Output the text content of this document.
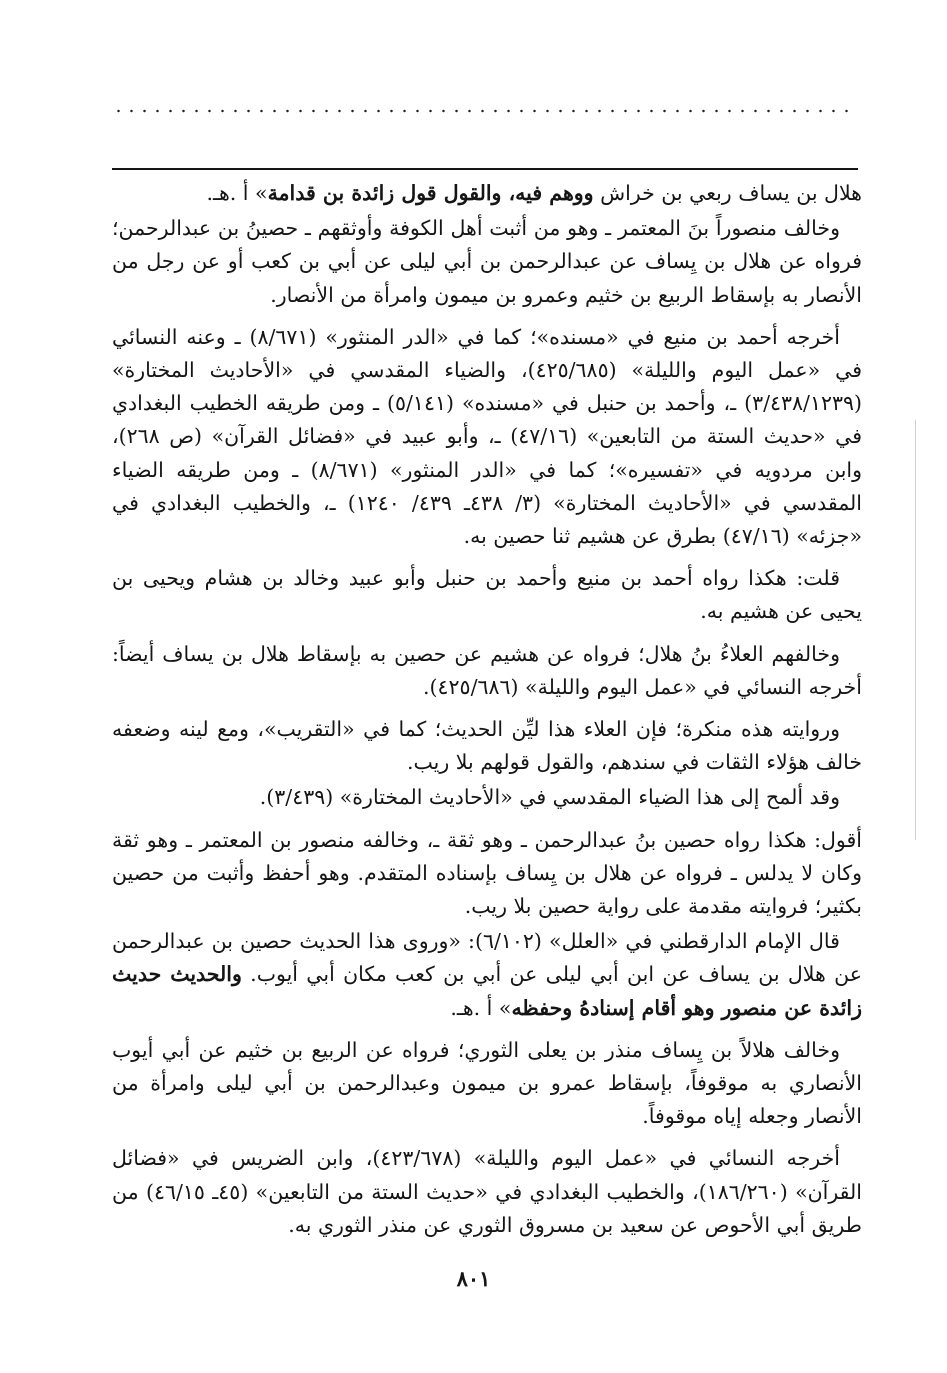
هلال بن يساف ربعي بن خراش ووهم فيه، والقول قول زائدة بن قدامة» أ .هـ.

وخالف منصوراً بنَ المعتمر ـ وهو من أثبت أهل الكوفة وأوثقهم ـ حصينُ بن عبدالرحمن؛ فرواه عن هلال بن يِساف عن عبدالرحمن بن أبي ليلى عن أبي بن كعب أو عن رجل من الأنصار به بإسقاط الربيع بن خثيم وعمرو بن ميمون وامرأة من الأنصار.

أخرجه أحمد بن منيع في «مسنده»؛ كما في «الدر المنثور» (٨/٦٧١) ـ وعنه النسائي في «عمل اليوم والليلة» (٤٢٥/٦٨٥)، والضياء المقدسي في «الأحاديث المختارة» (٣/٤٣٨/١٢٣٩) ـ، وأحمد بن حنبل في «مسنده» (٥/١٤١) ـ ومن طريقه الخطيب البغدادي في «حديث الستة من التابعين» (٤٧/١٦) ـ، وأبو عبيد في «فضائل القرآن» (ص ٢٦٨)، وابن مردويه في «تفسيره»؛ كما في «الدر المنثور» (٨/٦٧١) ـ ومن طريقه الضياء المقدسي في «الأحاديث المختارة» (٣/ ٤٣٨ـ ٤٣٩/ ١٢٤٠) ـ، والخطيب البغدادي في «جزئه» (٤٧/١٦) بطرق عن هشيم ثنا حصين به.

قلت: هكذا رواه أحمد بن منيع وأحمد بن حنبل وأبو عبيد وخالد بن هشام ويحيى بن يحيى عن هشيم به.

وخالفهم العلاءُ بنُ هلال؛ فرواه عن هشيم عن حصين به بإسقاط هلال بن يساف أيضاً: أخرجه النسائي في «عمل اليوم والليلة» (٤٢٥/٦٨٦).

وروايته هذه منكرة؛ فإن العلاء هذا ليِّن الحديث؛ كما في «التقريب»، ومع لينه وضعفه خالف هؤلاء الثقات في سندهم، والقول قولهم بلا ريب.

وقد ألمح إلى هذا الضياء المقدسي في «الأحاديث المختارة» (٣/٤٣٩).

أقول: هكذا رواه حصين بنُ عبدالرحمن ـ وهو ثقة ـ، وخالفه منصور بن المعتمر ـ وهو ثقة وكان لا يدلس ـ فرواه عن هلال بن يِساف بإسناده المتقدم. وهو أحفظ وأثبت من حصين بكثير؛ فروايته مقدمة على رواية حصين بلا ريب.

قال الإمام الدارقطني في «العلل» (٦/١٠٢): «وروى هذا الحديث حصين بن عبدالرحمن عن هلال بن يساف عن ابن أبي ليلى عن أبي بن كعب مكان أبي أيوب. والحديث حديث زائدة عن منصور وهو أقام إسنادهُ وحفظه» أ .هـ.

وخالف هلالاً بن يِساف منذر بن يعلى الثوري؛ فرواه عن الربيع بن خثيم عن أبي أيوب الأنصاري به موقوفاً، بإسقاط عمرو بن ميمون وعبدالرحمن بن أبي ليلى وامرأة من الأنصار وجعله إياه موقوفاً.

أخرجه النسائي في «عمل اليوم والليلة» (٤٢٣/٦٧٨)، وابن الضريس في «فضائل القرآن» (١٨٦/٢٦٠)، والخطيب البغدادي في «حديث الستة من التابعين» (٤٥ـ ٤٦/١٥) من طريق أبي الأحوص عن سعيد بن مسروق الثوري عن منذر الثوري به.

٨٠١
